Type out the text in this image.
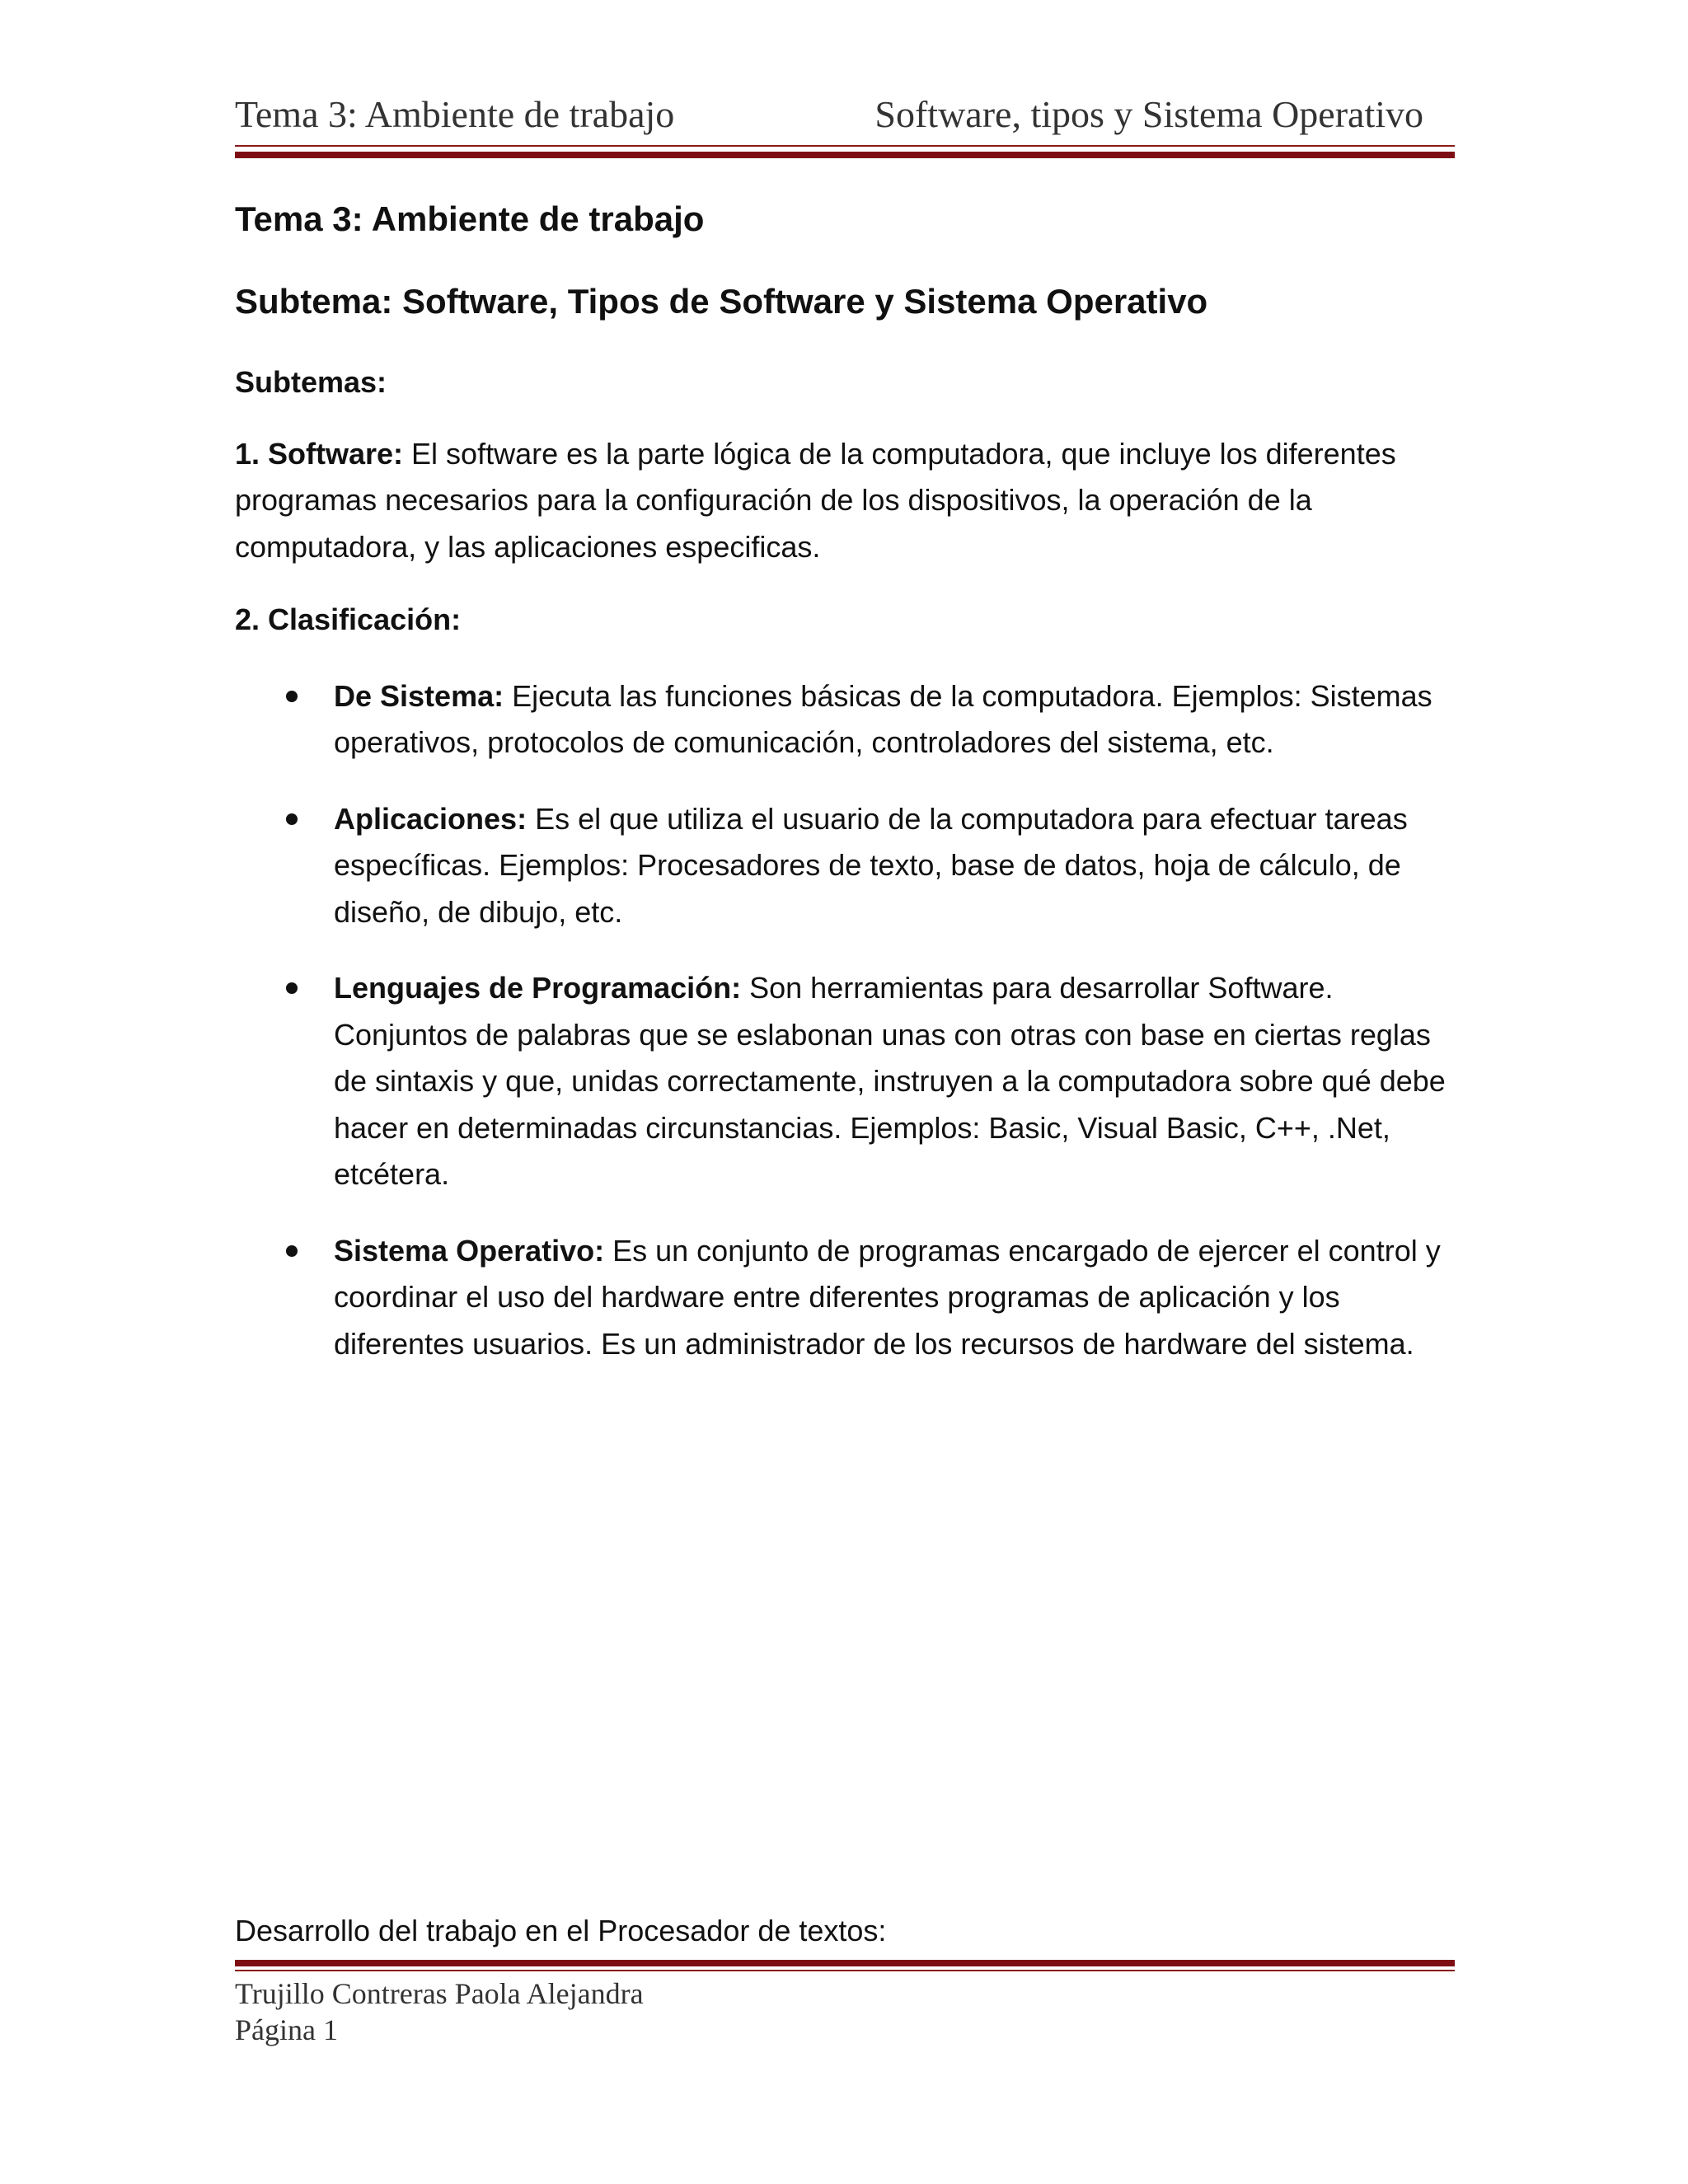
Tema 3: Ambiente de trabajo	Software, tipos y Sistema Operativo
Tema 3: Ambiente de trabajo
Subtema: Software, Tipos de Software y Sistema Operativo
Subtemas:

1. Software: El software es la parte lógica de la computadora, que incluye los diferentes programas necesarios para la configuración de los dispositivos, la operación de la computadora, y las aplicaciones especificas.

2. Clasificación:
De Sistema: Ejecuta las funciones básicas de la computadora. Ejemplos: Sistemas operativos, protocolos de comunicación, controladores del sistema, etc.
Aplicaciones: Es el que utiliza el usuario de la computadora para efectuar tareas específicas. Ejemplos: Procesadores de texto, base de datos, hoja de cálculo, de diseño, de dibujo, etc.
Lenguajes de Programación: Son herramientas para desarrollar Software. Conjuntos de palabras que se eslabonan unas con otras con base en ciertas reglas de sintaxis y que, unidas correctamente, instruyen a la computadora sobre qué debe hacer en determinadas circunstancias. Ejemplos: Basic, Visual Basic, C++, .Net, etcétera.
Sistema Operativo: Es un conjunto de programas encargado de ejercer el control y coordinar el uso del hardware entre diferentes programas de aplicación y los diferentes usuarios. Es un administrador de los recursos de hardware del sistema.
Desarrollo del trabajo en el Procesador de textos:
Trujillo Contreras Paola Alejandra
Página 1
